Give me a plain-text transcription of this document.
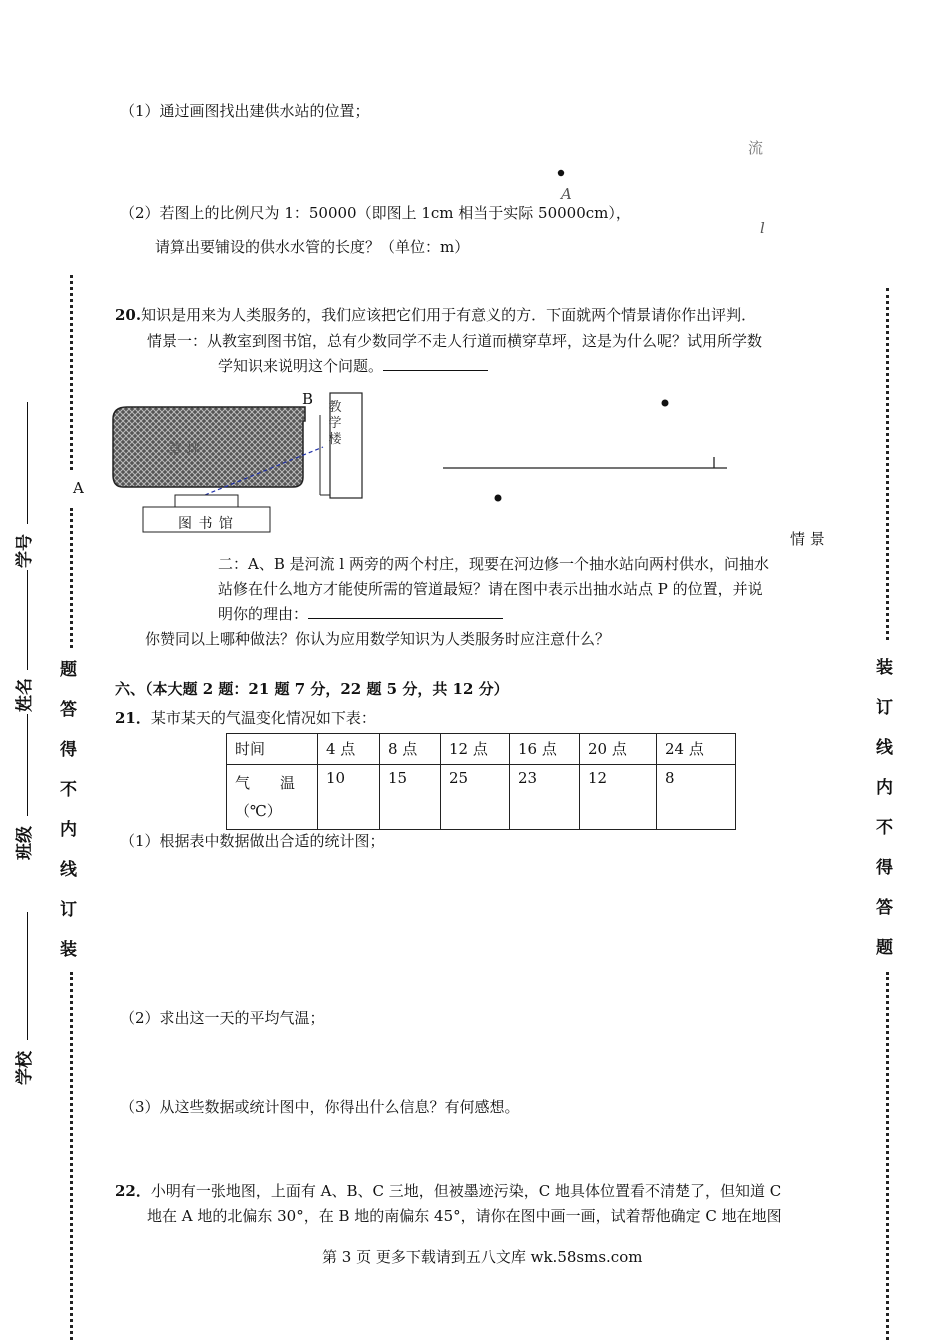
（1）通过画图找出建供水站的位置；
流
A
（2）若图上的比例尺为 1：50000（即图上 1cm 相当于实际 50000cm），
l
请算出要铺设的供水水管的长度？（单位：m）
20.知识是用来为人类服务的，我们应该把它们用于有意义的方．下面就两个情景请你作出评判．
情景一：从教室到图书馆，总有少数同学不走人行道而横穿草坪，这是为什么呢？试用所学数
学知识来说明这个问题。
草 坪
B 教学楼
A
图 书 馆
情 景
二：A、B 是河流 l 两旁的两个村庄，现要在河边修一个抽水站向两村供水，问抽水
站修在什么地方才能使所需的管道最短？请在图中表示出抽水站点 P 的位置，并说
明你的理由：
你赞同以上哪种做法？你认为应用数学知识为人类服务时应注意什么？
六、（本大题 2 题：21 题 7 分，22 题 5 分，共 12 分）
21．某市某天的气温变化情况如下表：
时间	4 点	8 点	12 点	16 点	20 点	24 点

气　　温
（℃）	10	15	25	23	12	8
（1）根据表中数据做出合适的统计图；
（2）求出这一天的平均气温；
（3）从这些数据或统计图中，你得出什么信息？有何感想。
22．小明有一张地图，上面有 A、B、C 三地，但被墨迹污染，C 地具体位置看不清楚了，但知道 C
地在 A 地的北偏东 30°，在 B 地的南偏东 45°，请你在图中画一画，试着帮他确定 C 地在地图
第 3 页 更多下载请到五八文库 wk.58sms.com
题
答
得
不
内
线
订
装
学校
班级
姓名
学号
装
订
线
内
不
得
答
题
